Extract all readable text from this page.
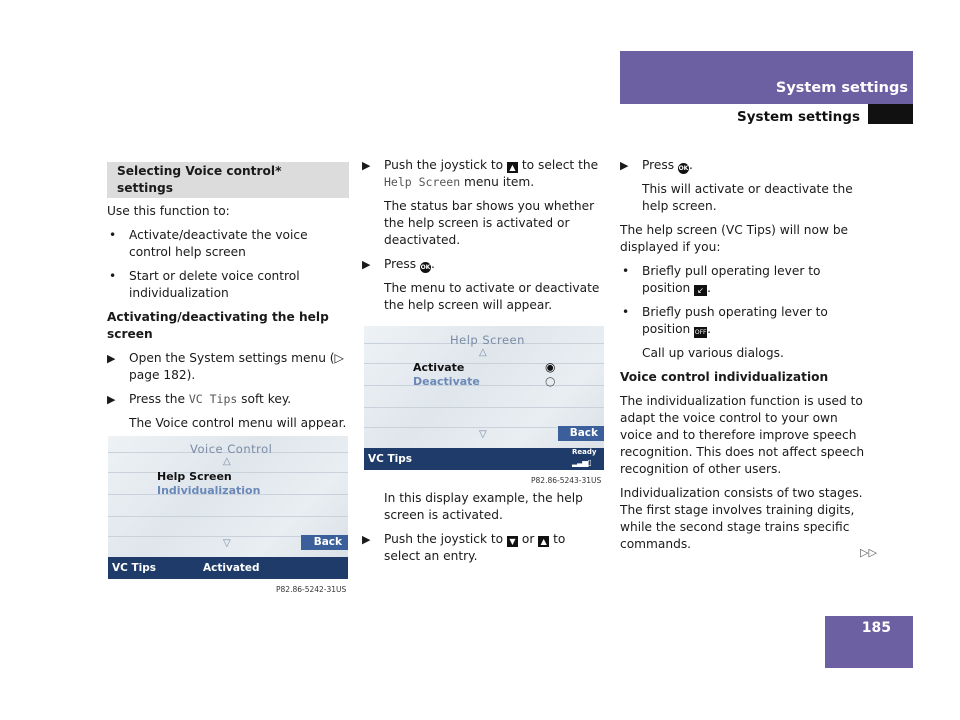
System settings
System settings
Selecting Voice control* settings

Use this function to:

• Activate/deactivate the voice control help screen
• Start or delete voice control individualization

Activating/deactivating the help screen

▶ Open the System settings menu (▷ page 182).
▶ Press the VC Tips soft key.

The Voice control menu will appear.

Voice Control
△
Help Screen
Individualization
▽	Back
VC Tips	Activated
P82.86-5242-31US
▶ Push the joystick to ▲ to select the Help Screen menu item.

The status bar shows you whether the help screen is activated or deactivated.

▶ Press OK.

The menu to activate or deactivate the help screen will appear.

Help Screen
△
Activate
Deactivate
◉
○
▽	Back
VC Tips
Ready
▂▃▅▯
P82.86-5243-31US

In this display example, the help screen is activated.

▶ Push the joystick to ▼ or ▲ to select an entry.
▶ Press OK.

This will activate or deactivate the help screen.

The help screen (VC Tips) will now be displayed if you:

• Briefly pull operating lever to position ↙ .
• Briefly push operating lever to position OFF.

Call up various dialogs.

Voice control individualization

The individualization function is used to adapt the voice control to your own voice and to therefore improve speech recognition. This does not affect speech recognition of other users.

Individualization consists of two stages. The first stage involves training digits, while the second stage trains specific commands.

▷▷
185
